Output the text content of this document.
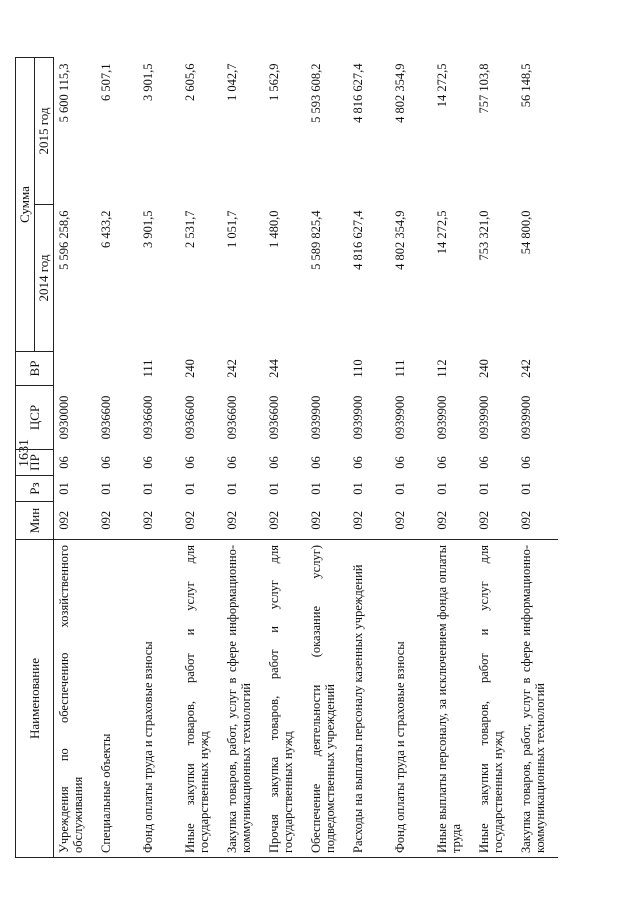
1631
Наименование	Мин	Рз	ПР	ЦСР	ВР	Сумма	
						2014 год	2015 год
Учреждения по обеспечению хозяйственного обслуживания	092	01	06	0930000		5 596 258,6	5 600 115,3
Специальные объекты	092	01	06	0936600		6 433,2	6 507,1
Фонд оплаты труда и страховые взносы	092	01	06	0936600	111	3 901,5	3 901,5
Иные закупки товаров, работ и услуг для государственных нужд	092	01	06	0936600	240	2 531,7	2 605,6
Закупка товаров, работ, услуг в сфере информационно-коммуникационных технологий	092	01	06	0936600	242	1 051,7	1 042,7
Прочая закупка товаров, работ и услуг для государственных нужд	092	01	06	0936600	244	1 480,0	1 562,9
Обеспечение деятельности (оказание услуг) подведомственных учреждений	092	01	06	0939900		5 589 825,4	5 593 608,2
Расходы на выплаты персоналу казенных учреждений	092	01	06	0939900	110	4 816 627,4	4 816 627,4
Фонд оплаты труда и страховые взносы	092	01	06	0939900	111	4 802 354,9	4 802 354,9
Иные выплаты персоналу, за исключением фонда оплаты труда	092	01	06	0939900	112	14 272,5	14 272,5
Иные закупки товаров, работ и услуг для государственных нужд	092	01	06	0939900	240	753 321,0	757 103,8
Закупка товаров, работ, услуг в сфере информационно-коммуникационных технологий	092	01	06	0939900	242	54 800,0	56 148,5
